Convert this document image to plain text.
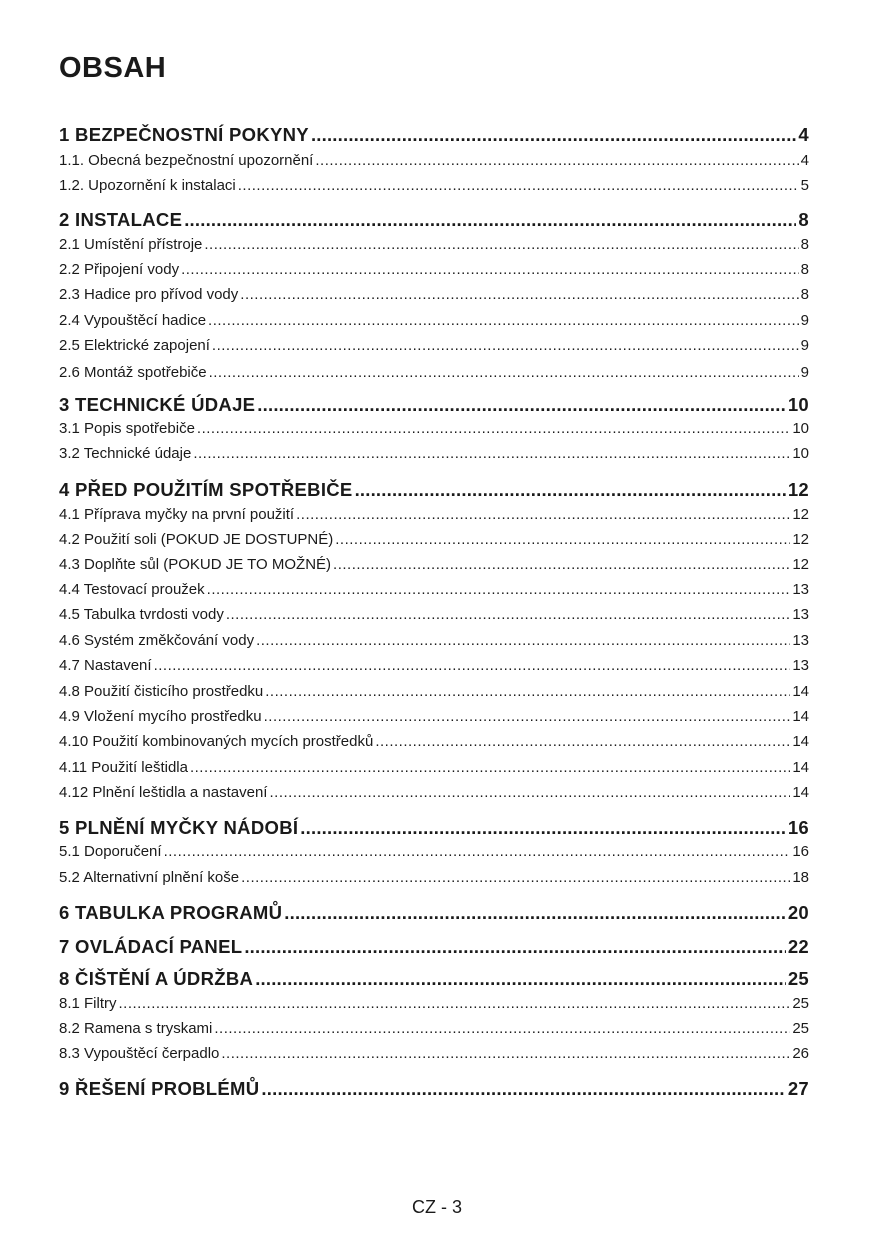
OBSAH
1 BEZPEČNOSTNÍ POKYNY .....	4
1.1. Obecná bezpečnostní upozornění .....	4
1.2. Upozornění k instalaci .....	5
2 INSTALACE .....	8
2.1 Umístění přístroje .....	8
2.2 Připojení vody .....	8
2.3 Hadice pro přívod vody .....	8
2.4 Vypouštěcí hadice .....	9
2.5 Elektrické zapojení .....	9
2.6 Montáž spotřebiče .....	9
3 TECHNICKÉ ÚDAJE .....	10
3.1 Popis spotřebiče .....	10
3.2 Technické údaje .....	10
4 PŘED POUŽITÍM SPOTŘEBIČE .....	12
4.1 Příprava myčky na první použití .....	12
4.2 Použití soli (POKUD JE DOSTUPNÉ) .....	12
4.3 Doplňte sůl (POKUD JE TO MOŽNÉ) .....	12
4.4 Testovací proužek .....	13
4.5 Tabulka tvrdosti vody .....	13
4.6 Systém změkčování vody .....	13
4.7 Nastavení .....	13
4.8 Použití čisticího prostředku .....	14
4.9 Vložení mycího prostředku .....	14
4.10 Použití kombinovaných mycích prostředků .....	14
4.11 Použití leštidla .....	14
4.12 Plnění leštidla a nastavení .....	14
5 PLNĚNÍ MYČKY NÁDOBÍ .....	16
5.1 Doporučení .....	16
5.2 Alternativní plnění koše .....	18
6 TABULKA PROGRAMŮ .....	20
7 OVLÁDACÍ PANEL .....	22
8 ČIŠTĚNÍ A ÚDRŽBA .....	25
8.1 Filtry .....	25
8.2 Ramena s tryskami .....	25
8.3 Vypouštěcí čerpadlo .....	26
9 ŘEŠENÍ PROBLÉMŮ .....	27
CZ - 3
